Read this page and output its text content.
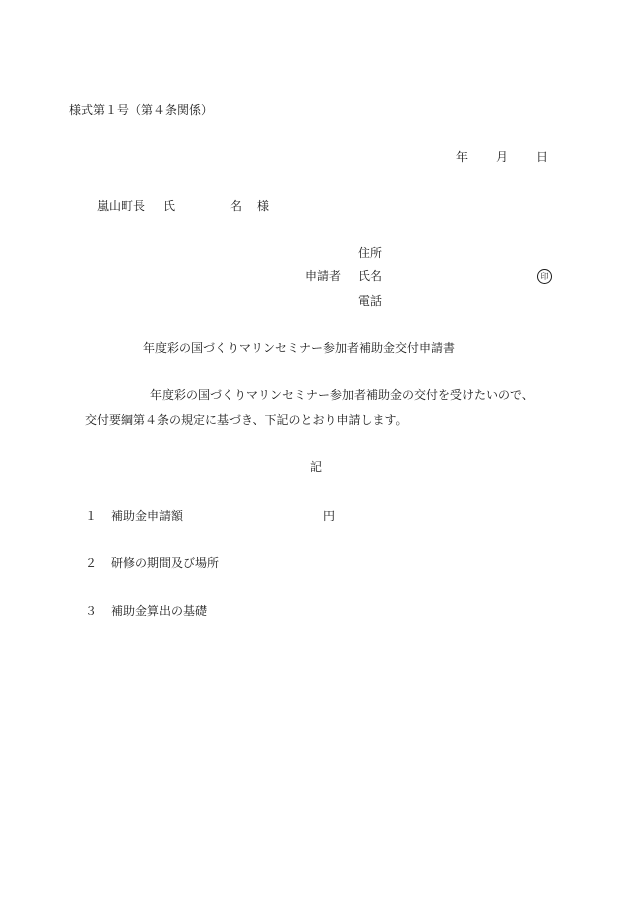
様式第１号（第４条関係）
年 月 日
嵐山町長 氏	名 様
住所
申請者 氏名	印
電話
年度彩の国づくりマリンセミナー参加者補助金交付申請書
年度彩の国づくりマリンセミナー参加者補助金の交付を受けたいので、
交付要綱第４条の規定に基づき、下記のとおり申請します。
記
１ 補助金申請額	円
２ 研修の期間及び場所
３ 補助金算出の基礎
